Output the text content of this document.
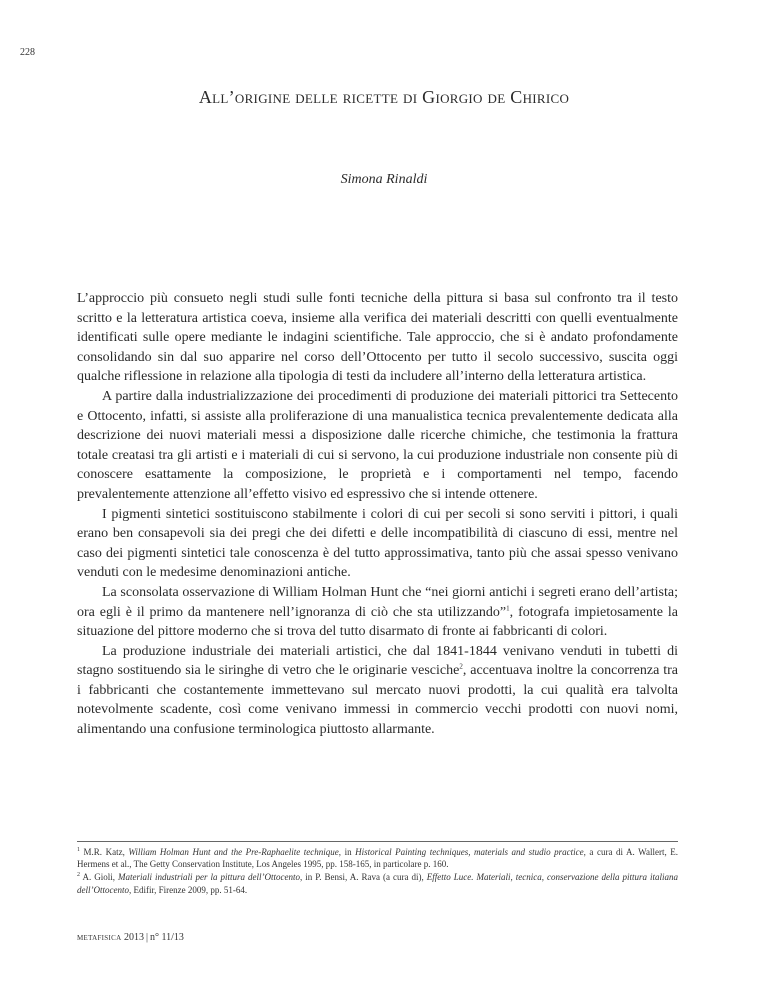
228
All’origine delle ricette di Giorgio de Chirico
Simona Rinaldi

L’approccio più consueto negli studi sulle fonti tecniche della pittura si basa sul confronto tra il testo scritto e la letteratura artistica coeva, insieme alla verifica dei materiali descritti con quelli eventualmente identificati sulle opere mediante le indagini scientifiche. Tale approccio, che si è andato profondamente consolidando sin dal suo apparire nel corso dell’Ottocento per tutto il secolo successivo, suscita oggi qualche riflessione in relazione alla tipologia di testi da includere all’interno della letteratura artistica.

A partire dalla industrializzazione dei procedimenti di produzione dei materiali pittorici tra Settecento e Ottocento, infatti, si assiste alla proliferazione di una manualistica tecnica prevalentemente dedicata alla descrizione dei nuovi materiali messi a disposizione dalle ricerche chimiche, che testimonia la frattura totale creatasi tra gli artisti e i materiali di cui si servono, la cui produzione industriale non consente più di conoscere esattamente la composizione, le proprietà e i comportamenti nel tempo, facendo prevalentemente attenzione all’effetto visivo ed espressivo che si intende ottenere.

I pigmenti sintetici sostituiscono stabilmente i colori di cui per secoli si sono serviti i pittori, i quali erano ben consapevoli sia dei pregi che dei difetti e delle incompatibilità di ciascuno di essi, mentre nel caso dei pigmenti sintetici tale conoscenza è del tutto approssimativa, tanto più che assai spesso venivano venduti con le medesime denominazioni antiche.

La sconsolata osservazione di William Holman Hunt che “nei giorni antichi i segreti erano dell’artista; ora egli è il primo da mantenere nell’ignoranza di ciò che sta utilizzando”$^1$, fotografa impietosamente la situazione del pittore moderno che si trova del tutto disarmato di fronte ai fabbricanti di colori.

La produzione industriale dei materiali artistici, che dal 1841-1844 venivano venduti in tubetti di stagno sostituendo sia le siringhe di vetro che le originarie vesciche$^2$, accentuava inoltre la concorrenza tra i fabbricanti che costantemente immettevano sul mercato nuovi prodotti, la cui qualità era talvolta notevolmente scadente, così come venivano immessi in commercio vecchi prodotti con nuovi nomi, alimentando una confusione terminologica piuttosto allarmante.

$^1$ M.R. Katz, William Holman Hunt and the Pre-Raphaelite technique, in Historical Painting techniques, materials and studio practice, a cura di A. Wallert, E. Hermens et al., The Getty Conservation Institute, Los Angeles 1995, pp. 158-165, in particolare p. 160.

$^2$ A. Gioli, Materiali industriali per la pittura dell’Ottocento, in P. Bensi, A. Rava (a cura di), Effetto Luce. Materiali, tecnica, conservazione della pittura italiana dell’Ottocento, Edifir, Firenze 2009, pp. 51-64.

metafisica 2013 | n° 11/13
